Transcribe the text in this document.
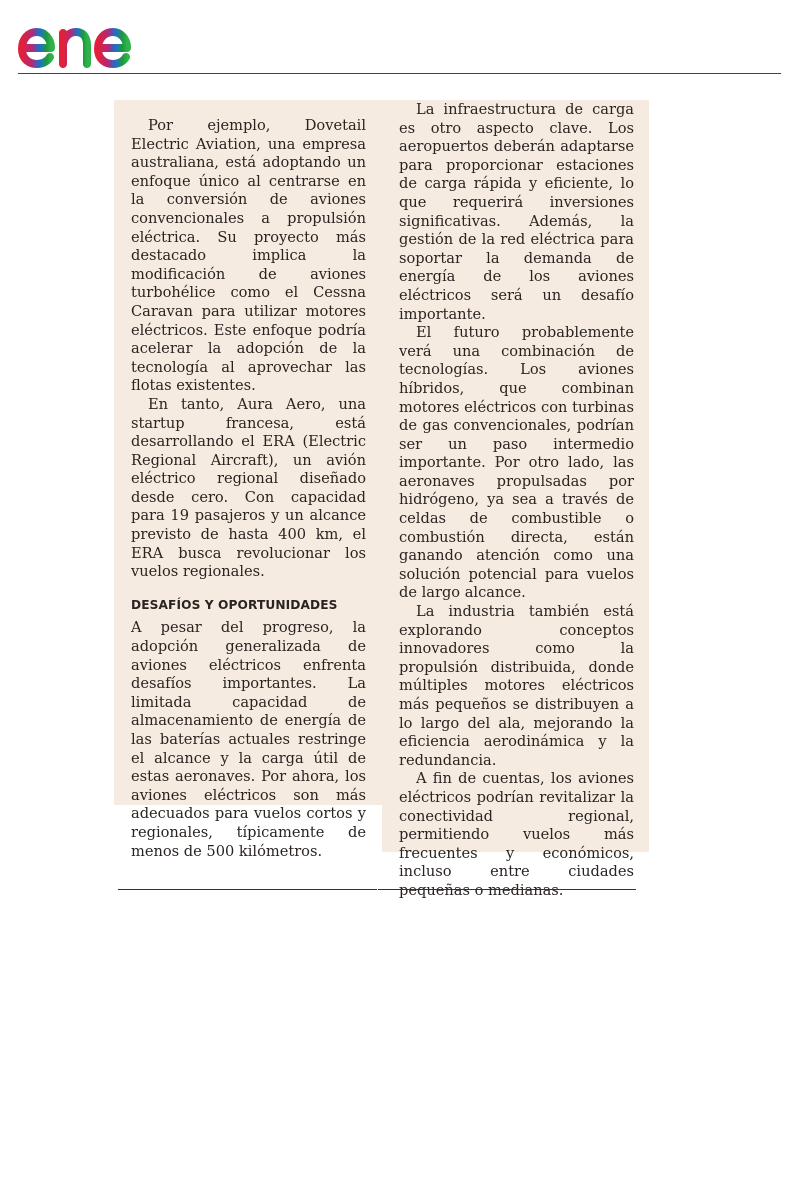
Por ejemplo, Dovetail Electric Aviation, una empresa australiana, está adoptando un enfoque único al centrarse en la conversión de aviones convencionales a propulsión eléctrica. Su proyecto más destacado implica la modificación de aviones turbohélice como el Cessna Caravan para utilizar motores eléctricos. Este enfoque podría acelerar la adopción de la tecnología al aprovechar las flotas existentes.

En tanto, Aura Aero, una startup francesa, está desarrollando el ERA (Electric Regional Aircraft), un avión eléctrico regional diseñado desde cero. Con capacidad para 19 pasajeros y un alcance previsto de hasta 400 km, el ERA busca revolucionar los vuelos regionales.

DESAFÍOS Y OPORTUNIDADES

A pesar del progreso, la adopción generalizada de aviones eléctricos enfrenta desafíos importantes. La limitada capacidad de almacenamiento de energía de las baterías actuales restringe el alcance y la carga útil de estas aeronaves. Por ahora, los aviones eléctricos son más adecuados para vuelos cortos y regionales, típicamente de menos de 500 kilómetros.

La infraestructura de carga es otro aspecto clave. Los aeropuertos deberán adaptarse para proporcionar estaciones de carga rápida y eficiente, lo que requerirá inversiones significativas. Además, la gestión de la red eléctrica para soportar la demanda de energía de los aviones eléctricos será un desafío importante.

El futuro probablemente verá una combinación de tecnologías. Los aviones híbridos, que combinan motores eléctricos con turbinas de gas convencionales, podrían ser un paso intermedio importante. Por otro lado, las aeronaves propulsadas por hidrógeno, ya sea a través de celdas de combustible o combustión directa, están ganando atención como una solución potencial para vuelos de largo alcance.

La industria también está explorando conceptos innovadores como la propulsión distribuida, donde múltiples motores eléctricos más pequeños se distribuyen a lo largo del ala, mejorando la eficiencia aerodinámica y la redundancia.

A fin de cuentas, los aviones eléctricos podrían revitalizar la conectividad regional, permitiendo vuelos más frecuentes y económicos, incluso entre ciudades pequeñas o medianas.
